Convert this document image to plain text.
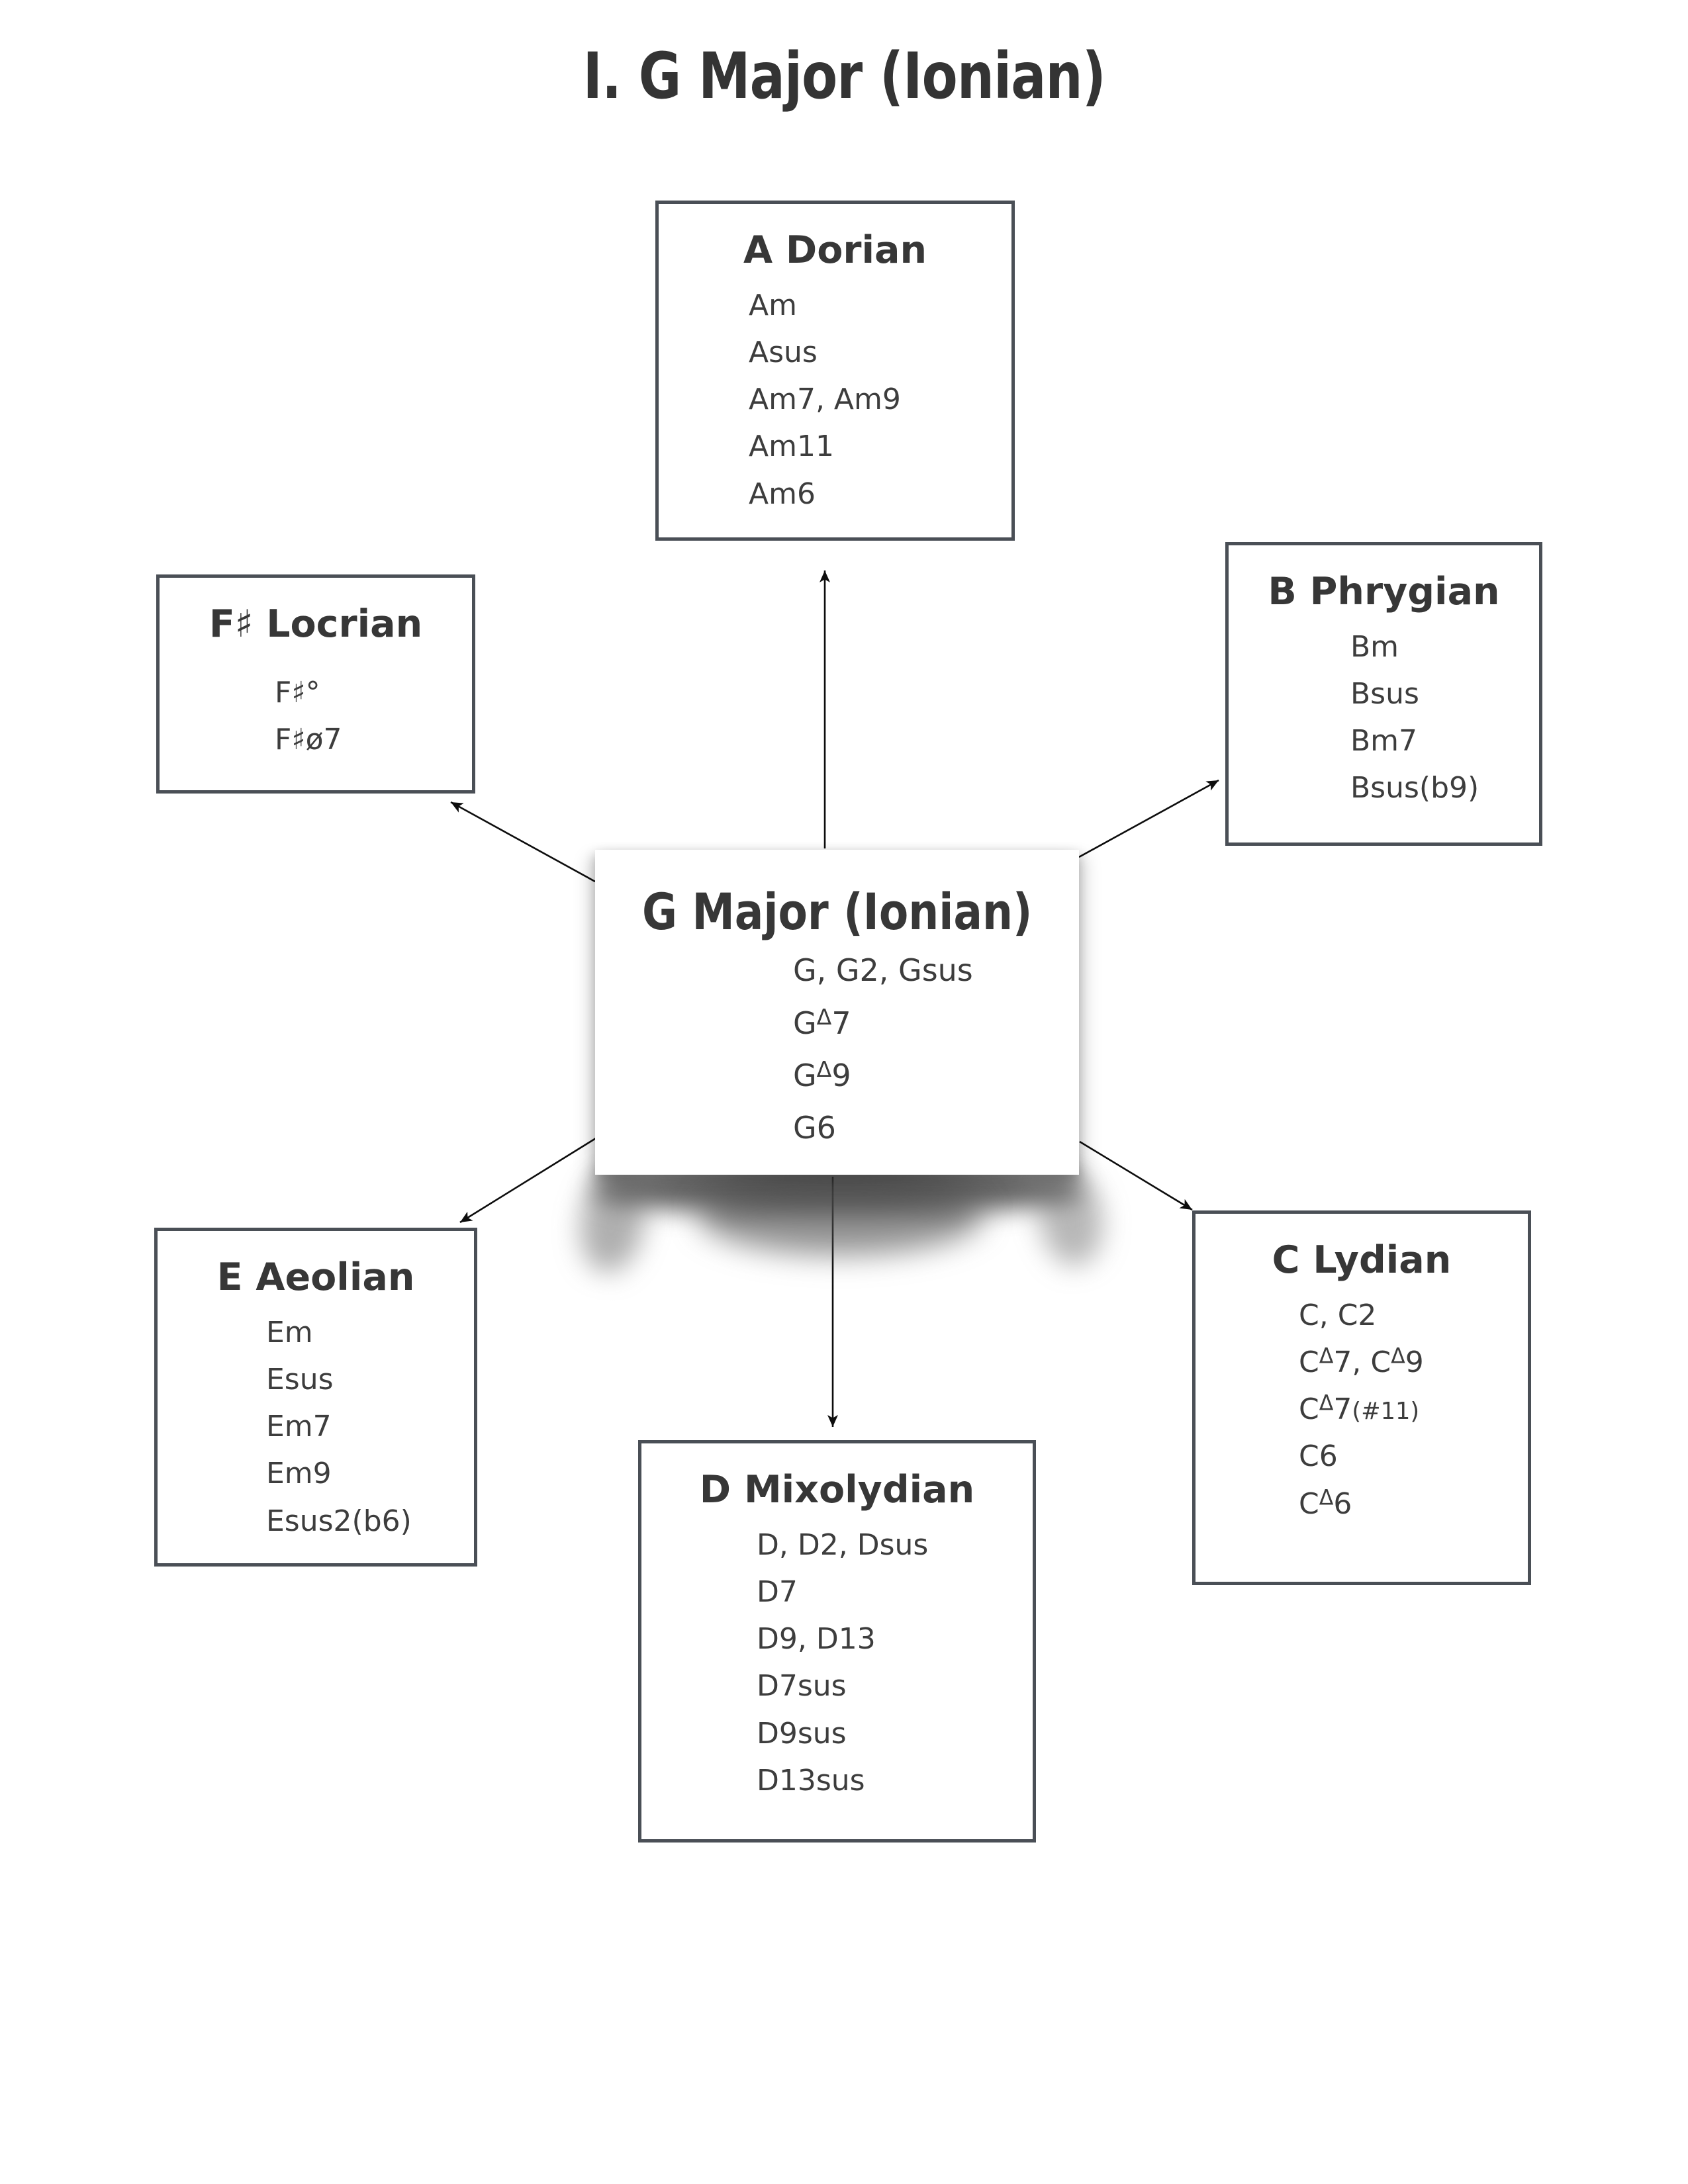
I. G Major (Ionian)
A Dorian
Am
Asus
Am7, Am9
Am11
Am6
F♯ Locrian
F♯°
F♯ø7
B Phrygian
Bm
Bsus
Bm7
Bsus(b9)
G Major (Ionian)
G, G2, Gsus
$G^\Delta 7$
$G^\Delta 9$
G6
E Aeolian
Em
Esus
Em7
Em9
Esus2(b6)
D Mixolydian
D, D2, Dsus
D7
D9, D13
D7sus
D9sus
D13sus
C Lydian
C, C2
$C^\Delta 7$, $C^\Delta 9$
$C^\Delta 7(\#11)$
C6
$C^\Delta 6$
